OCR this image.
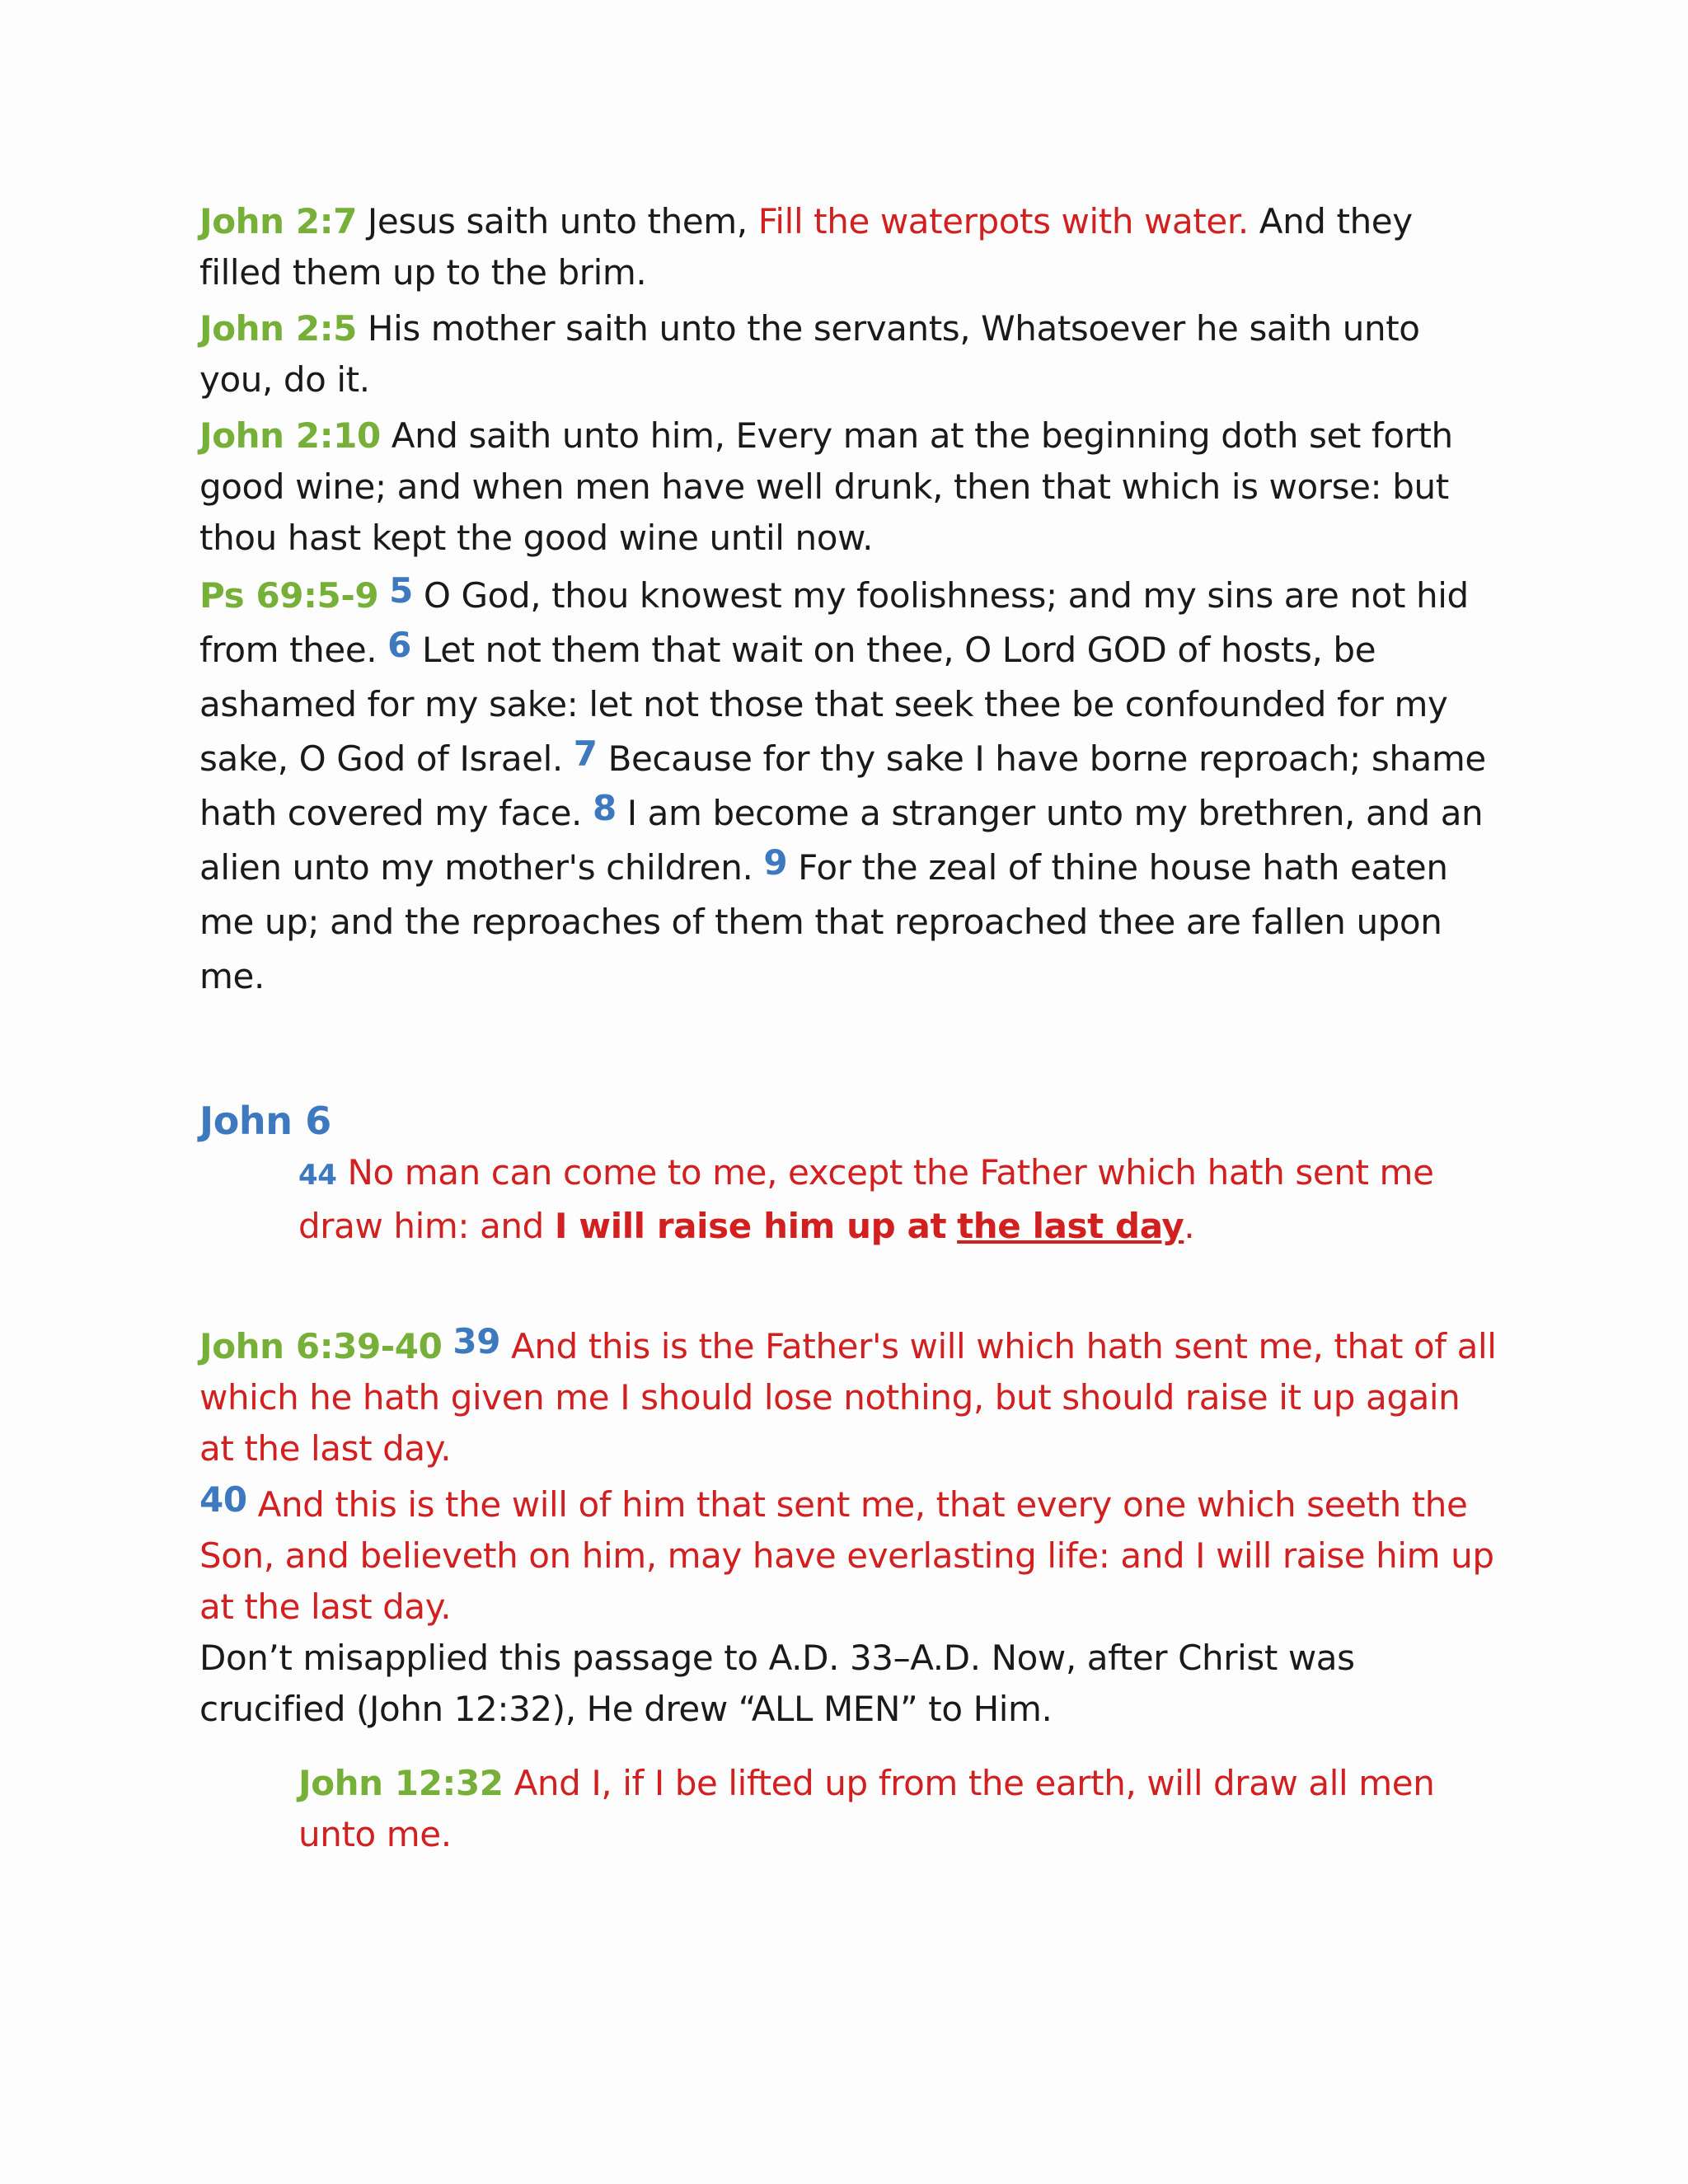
John 2:7 Jesus saith unto them, Fill the waterpots with water. And they filled them up to the brim.

John 2:5 His mother saith unto the servants, Whatsoever he saith unto you, do it.

John 2:10 And saith unto him, Every man at the beginning doth set forth good wine; and when men have well drunk, then that which is worse: but thou hast kept the good wine until now.

Ps 69:5-9 5 O God, thou knowest my foolishness; and my sins are not hid from thee. 6 Let not them that wait on thee, O Lord GOD of hosts, be ashamed for my sake: let not those that seek thee be confounded for my sake, O God of Israel. 7 Because for thy sake I have borne reproach; shame hath covered my face. 8 I am become a stranger unto my brethren, and an alien unto my mother's children. 9 For the zeal of thine house hath eaten me up; and the reproaches of them that reproached thee are fallen upon me.

John 6

44 No man can come to me, except the Father which hath sent me draw him: and I will raise him up at the last day.

John 6:39-40 39 And this is the Father's will which hath sent me, that of all which he hath given me I should lose nothing, but should raise it up again at the last day.

40 And this is the will of him that sent me, that every one which seeth the Son, and believeth on him, may have everlasting life: and I will raise him up at the last day.

Don’t misapplied this passage to A.D. 33–A.D. Now, after Christ was crucified (John 12:32), He drew “ALL MEN” to Him.

John 12:32 And I, if I be lifted up from the earth, will draw all men unto me.
